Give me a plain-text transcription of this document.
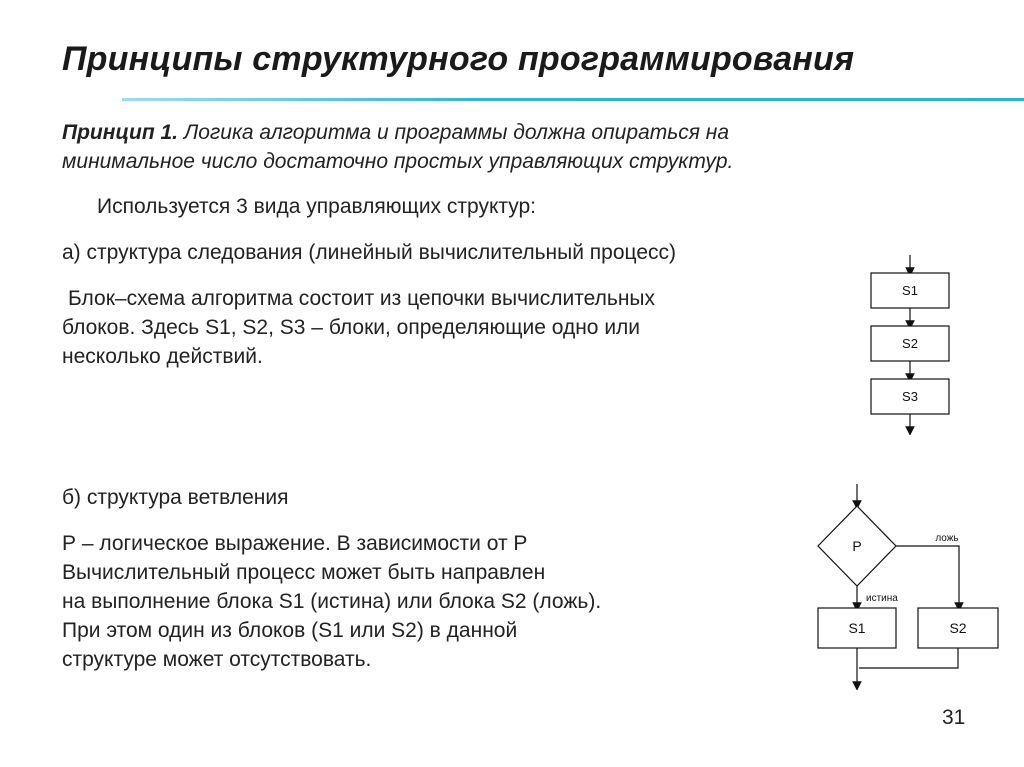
Принципы структурного программирования
Принцип 1. Логика алгоритма и программы должна опираться на
минимальное число достаточно простых управляющих структур.
Используется 3 вида управляющих структур:
а) структура следования (линейный вычислительный процесс)
Блок–схема алгоритма состоит из цепочки вычислительных
блоков. Здесь S1, S2, S3 – блоки, определяющие одно или
несколько действий.
S1
S2
S3
б) структура ветвления
Р – логическое выражение. В зависимости от Р
Вычислительный процесс может быть направлен
на выполнение блока S1 (истина) или блока S2 (ложь).
При этом один из блоков (S1 или S2) в данной
структуре может отсутствовать.
P	ложь
истина
S1	S2
31
